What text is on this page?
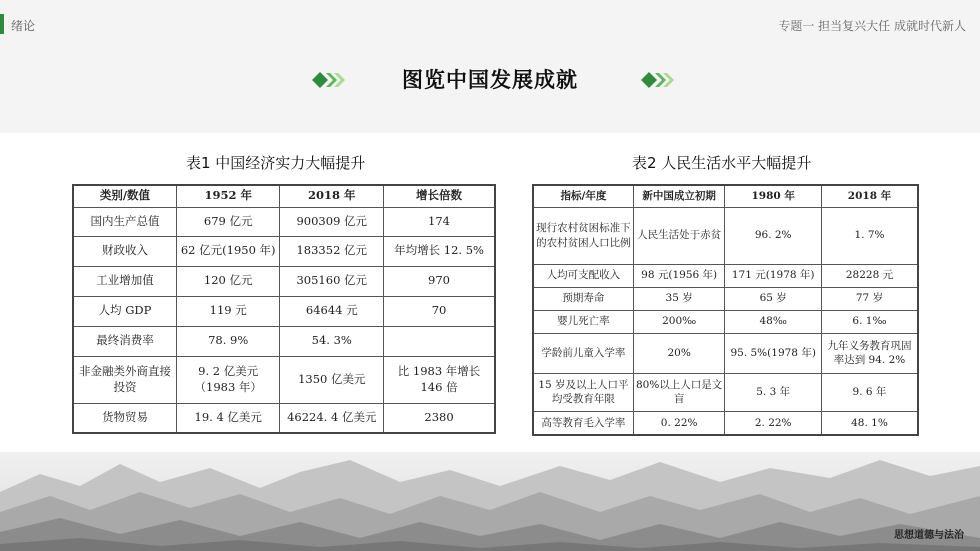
绪论	专题一 担当复兴大任 成就时代新人
图览中国发展成就
表1 中国经济实力大幅提升	表2 人民生活水平大幅提升
类别/数值	1952 年	2018 年	增长倍数
国内生产总值	679 亿元	900309 亿元	174
财政收入	62 亿元(1950 年)	183352 亿元	年均增长 12. 5%
工业增加值	120 亿元	305160 亿元	970
人均 GDP	119 元	64644 元	70
最终消费率	78. 9%	54. 3%	
非金融类外商直接投资	9. 2 亿美元（1983 年）	1350 亿美元	比 1983 年增长 146 倍
货物贸易	19. 4 亿美元	46224. 4 亿美元	2380
指标/年度	新中国成立初期	1980 年	2018 年
现行农村贫困标准下的农村贫困人口比例	人民生活处于赤贫	96. 2%	1. 7%
人均可支配收入	98 元(1956 年)	171 元(1978 年)	28228 元
预期寿命	35 岁	65 岁	77 岁
婴儿死亡率	200‰	48‰	6. 1‰
学龄前儿童入学率	20%	95. 5%(1978 年)	九年义务教育巩固率达到 94. 2%
15 岁及以上人口平均受教育年限	80%以上人口是文盲	5. 3 年	9. 6 年
高等教育毛入学率	0. 22%	2. 22%	48. 1%
思想道德与法治
